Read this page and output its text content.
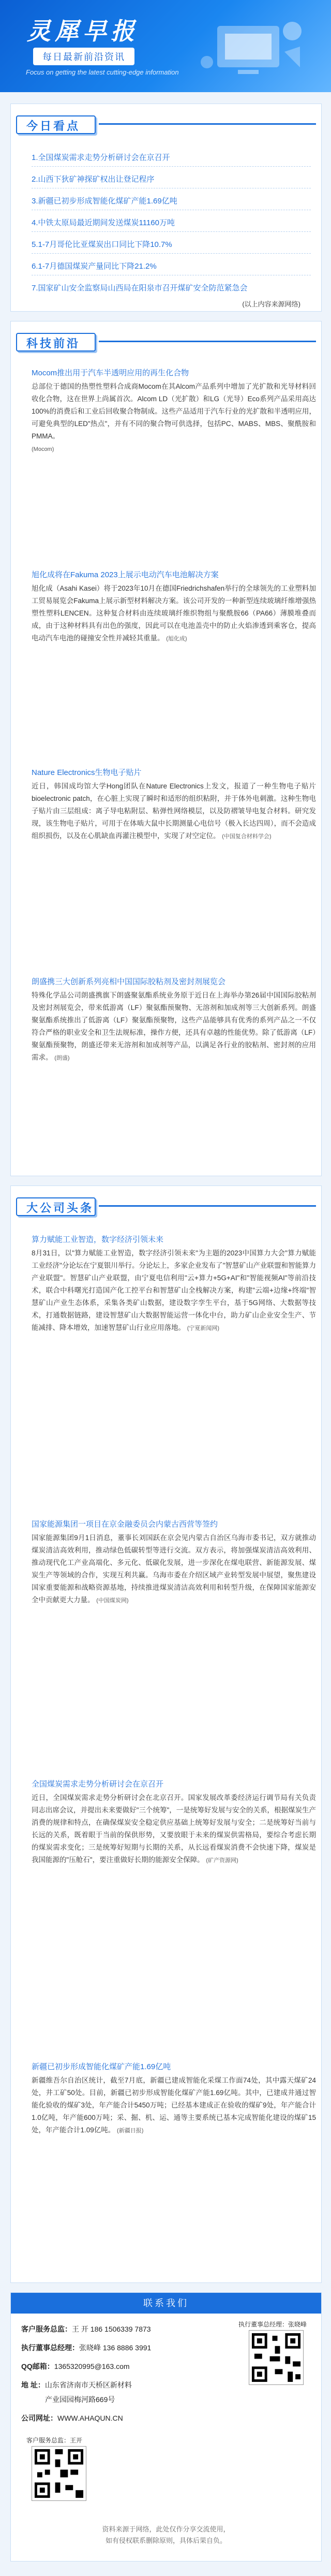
灵犀早报
每日最新前沿资讯
Focus on getting the latest cutting-edge information
今日看点
1.全国煤炭需求走势分析研讨会在京召开
2.山西下狄矿神探矿权出让登记程序
3.新疆已初步形成智能化煤矿产能1.69亿吨
4.中铁太原局最近期间发送煤炭11160万吨
5.1-7月哥伦比亚煤炭出口同比下降10.7%
6.1-7月德国煤炭产量同比下降21.2%
7.国家矿山安全监察局山西局在阳泉市召开煤矿安全防范紧急会
(以上内容来源网络)
科技前沿
Mocom推出用于汽车半透明应用的再生化合物
总部位于德国的热塑性塑料合成商Mocom在其Alcom产品系列中增加了光扩散和光导材料回收化合物，这在世界上尚属首次。Alcom LD（光扩散）和LG（光导）Eco系列产品采用高达100%的消费后和工业后回收聚合物制成。这些产品适用于汽车行业的光扩散和半透明应用，可避免典型的LED"热点"，并有不同的聚合物可供选择，包括PC、MABS、MBS、聚酰胺和PMMA。
(Mocom)
旭化成将在Fakuma 2023上展示电动汽车电池解决方案
旭化成（Asahi Kasei）将于2023年10月在德国Friedrichshafen举行的全球领先的工业塑料加工贸易展览会Fakuma上展示新型材料解决方案。该公司开发的一种新型连续玻璃纤维增强热塑性塑料LENCEN。这种复合材料由连续玻璃纤维织物组与聚酰胺66（PA66）薄膜堆叠而成，由于这种材料具有出色的强度，因此可以在电池盖壳中的防止火焰渗透到乘客仓，提高电动汽车电池的碰撞安全性并减轻其重量。 (旭化成)
Nature Electronics生物电子贴片
近日，韩国成均馆大学Hong团队在Nature Electronics上发文，报道了一种生物电子贴片bioelectronic patch，在心脏上实现了瞬时和适形的组织粘附，并于体外电刺激。这种生物电子贴片由三层组成：离子导电粘附层、粘弹性网络模层，以及防褶皱导电复合材料。研究发现，该生物电子贴片，可用于在体啮大鼠中长期测量心电信号（极入长达四周），而不会造成组织损伤，以及在心肌缺血再灌注模型中，实现了对空定位。 (中国复合材料学会)
朗盛携三大创新系列亮相中国国际胶粘剂及密封剂展览会
特殊化学品公司朗盛携旗下朗盛聚氨酯系统业务原于近日在上海举办第26届中国国际胶粘剂及密封剂展览会，带来低游离（LF）聚氨酯预聚物、无溶剂和加成剂等三大创新系列。朗盛聚氨酯系统推出了低游离（LF）聚氨酯预聚物，这些产品能够具有优秀的系列产品之一不仅符合严格的职业安全和卫生法规标准，操作方便，还具有卓越的性能优势。除了低游离（LF）聚氨酯预聚物，朗盛还带来无溶剂和加成剂等产品，以满足各行业的胶粘剂、密封剂的应用需求。 (朗盛)
大公司头条
算力赋能工业智造，数字经济引领未来
8月31日，以"算力赋能工业智造，数字经济引领未来"为主题的2023中国算力大会"算力赋能工业经济"分论坛在宁夏银川举行。分论坛上，多家企业发布了"智慧矿山产业联盟和智能算力产业联盟"。智慧矿山产业联盟，由宁夏电信利用"云+算力+5G+AI"和"智能视频AI"等前沿技术，联合中科曙光打造国产化工控平台和智慧矿山全栈解决方案，构建"云端+边缘+终端"智慧矿山产业生态体系，采集各类矿山数据，建设数字孪生平台，基于5G网络、大数据等技术，打通数据链路，建设智慧矿山大数据智能运营一体化中台，助力矿山企业安全生产、节能减排、降本增效，加速智慧矿山行业应用落地。 (宁夏新闻网)
国家能源集团一项目在京金融委员会内蒙古西营等签约
国家能源集团9月1日消息，董事长刘国跃在京会见内蒙古自治区乌海市委书记，双方就推动煤炭清洁高效利用，推动绿色低碳转型等进行交流。双方表示，将加强煤炭清洁高效利用、推动现代化工产业高端化、多元化、低碳化发展，进一步深化在煤电联营、新能源发展、煤炭生产等领域的合作，实现互利共赢。乌海市委在介绍区域产业转型发展中展望，聚焦建设国家重要能源和战略资源基地，持续推进煤炭清洁高效利用和转型升级，在保障国家能源安全中贡献更大力量。 (中国煤炭网)
全国煤炭需求走势分析研讨会在京召开
近日，全国煤炭需求走势分析研讨会在北京召开。国家发展改革委经济运行调节局有关负责同志出席会议，并提出未来要做好"三个统筹"，一是统筹好发展与安全的关系，根据煤炭生产消费的规律和特点，在确保煤炭安全稳定供应基础上统筹好发展与安全；二是统筹好当前与长远的关系，既着眼于当前的保供形势，又要放眼于未来的煤炭供需格局，要综合考虑长期的煤炭需求变化；三是统筹好短期与长期的关系，从长远看煤炭消费不会快速下降，煤炭是我国能源的"压舱石"，要注重做好长期的能源安全保障。 (矿产资源网)
新疆已初步形成智能化煤矿产能1.69亿吨
新疆维吾尔自治区统计，截至7月底，新疆已建成智能化采煤工作面74处，其中露天煤矿24处，井工矿50处。目前，新疆已初步形成智能化煤矿产能1.69亿吨。其中，已建成井通过智能化验收的煤矿3处，年产能合计5450万吨；已经基本建成正在验收的煤矿9处，年产能合计1.0亿吨，年产能600万吨；采、掘、机、运、通等主要系统已基本完成智能化建设的煤矿15处，年产能合计1.09亿吨。 (新疆日报)
联系我们
客户服务总监：王 开 186 1506339 7873
执行董事总经理：张晓峰 136 8886 3991
QQ邮箱：1365320995@163.com
地 址：山东省济南市天桥区新材料
产业园园梅河路669号
公司网址：WWW.AHAQUN.CN
执行董事总经理：张晓峰
客户服务总监：王开
资料来源于网络，此处仅作分享交流使用，
如有侵权联系删除原则，具体后果自负。
